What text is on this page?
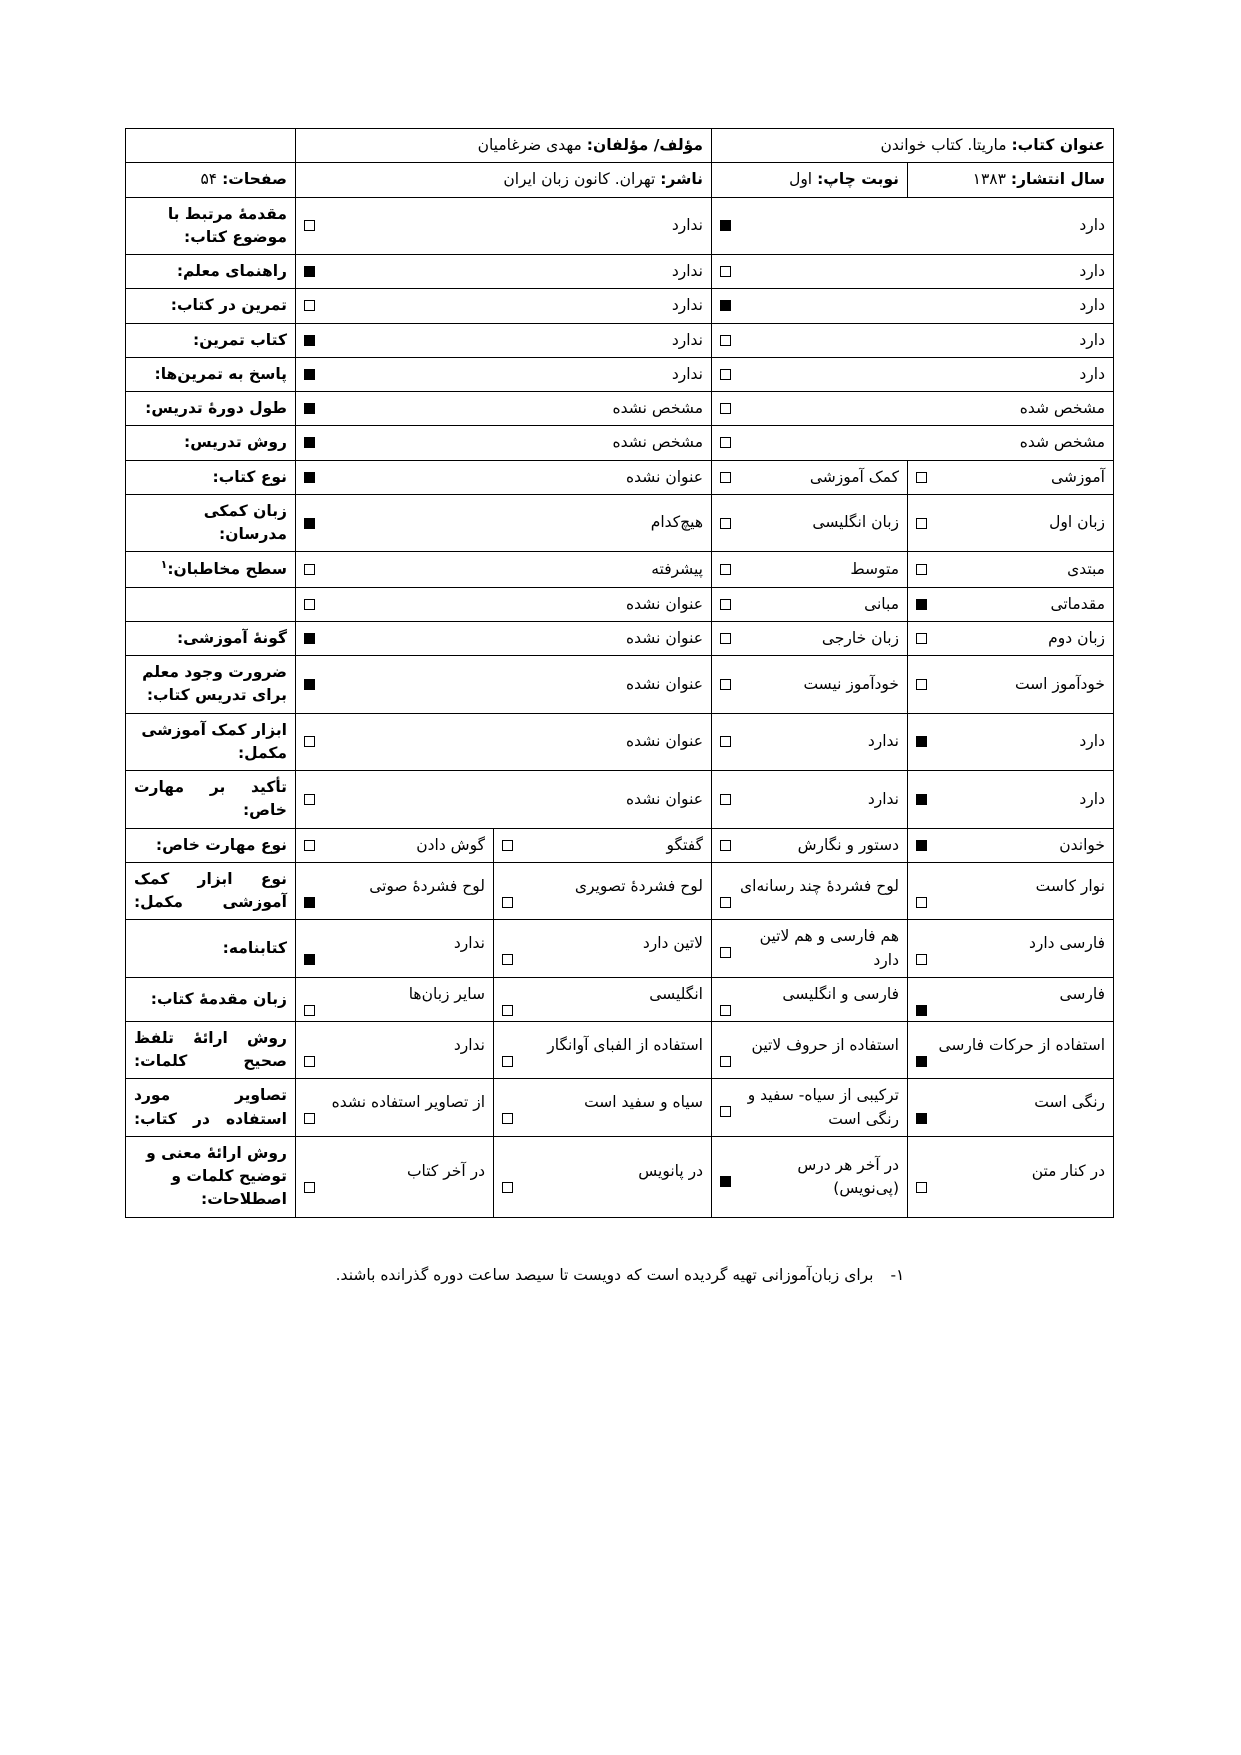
عنوان کتاب: ماریتا. کتاب خواندن		مؤلف/ مؤلفان: مهدی ضرغامیان		
سال انتشار: ۱۳۸۳	نوبت چاپ: اول	ناشر: تهران. کانون زبان ایران		صفحات: ۵۴

دارد		ندارد		مقدمهٔ مرتبط با موضوع کتاب:

دارد		ندارد		راهنمای معلم:

دارد		ندارد		تمرین در کتاب:

دارد		ندارد		کتاب تمرین:

دارد		ندارد		پاسخ به تمرین‌ها:

مشخص شده		مشخص نشده		طول دورهٔ تدریس:

مشخص شده		مشخص نشده		روش تدریس:

آموزشی	کمک آموزشی	عنوان نشده		نوع کتاب:

زبان اول	زبان انگلیسی	هیچ‌کدام		زبان کمکی مدرسان:

مبتدی	متوسط	پیشرفته		سطح مخاطبان:$^۱$

مقدماتی	مبانی	عنوان نشده		

زبان دوم	زبان خارجی	عنوان نشده		گونهٔ آموزشی:

خودآموز است	خودآموز نیست	عنوان نشده		ضرورت وجود معلم برای تدریس کتاب:

دارد	ندارد	عنوان نشده		ابزار کمک آموزشی مکمل:

دارد	ندارد	عنوان نشده		تأکید بر مهارت خاص:

خواندن	دستور و نگارش	گفتگو	گوش دادن	نوع مهارت خاص:

نوار کاست	لوح فشردهٔ چند رسانه‌ای	لوح فشردهٔ تصویری	لوح فشردهٔ صوتی	نوع ابزار کمک آموزشی مکمل:

فارسی دارد	هم فارسی و هم لاتین دارد	لاتین دارد	ندارد	کتابنامه:

فارسی	فارسی و انگلیسی	انگلیسی	سایر زبان‌ها	زبان مقدمهٔ کتاب:

استفاده از حرکات فارسی	استفاده از حروف لاتین	استفاده از الفبای آوانگار	ندارد	روش ارائهٔ تلفظ صحیح کلمات:

رنگی است	ترکیبی از سیاه- سفید و رنگی است	سیاه و سفید است	از تصاویر استفاده نشده	تصاویر مورد استفاده در کتاب:

در کنار متن	در آخر هر درس (پی‌نویس)	در پانویس	در آخر کتاب	روش ارائهٔ معنی و توضیح کلمات و اصطلاحات:
۱- برای زبان‌آموزانی تهیه گردیده است که دویست تا سیصد ساعت دوره گذرانده باشند.
